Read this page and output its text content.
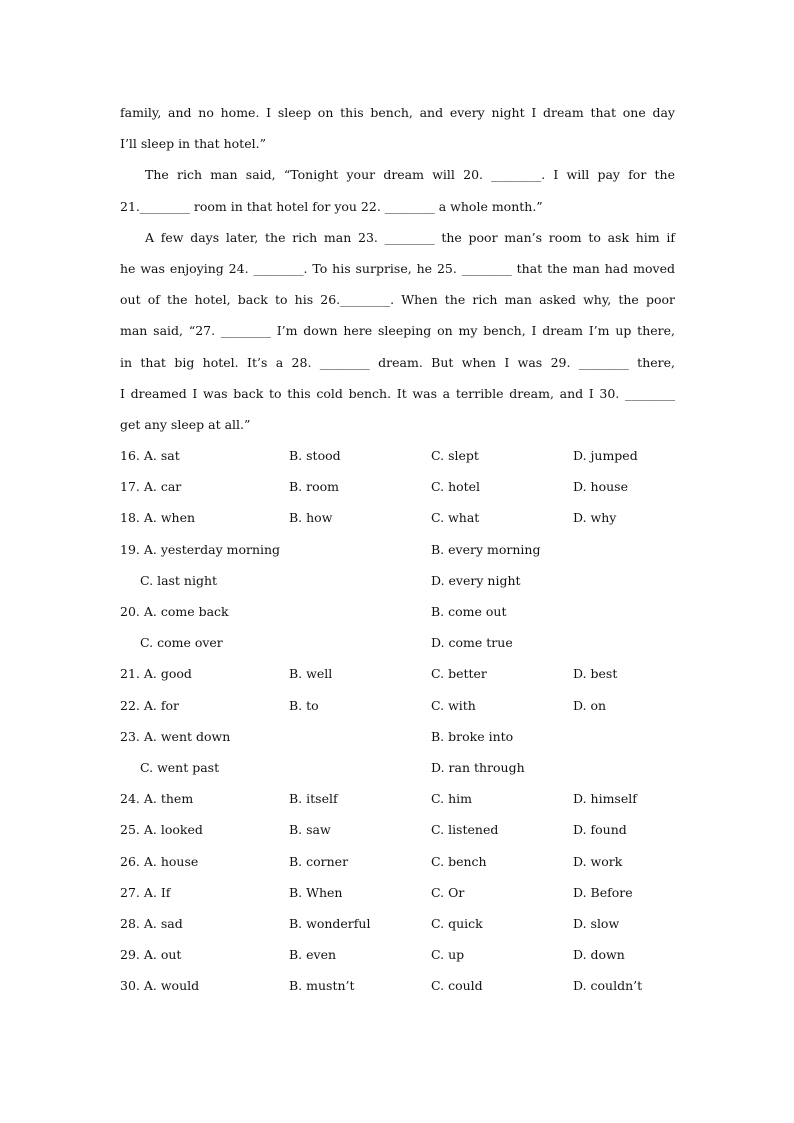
family, and no home. I sleep on this bench, and every night I dream that one day
I’ll sleep in that hotel.”
The rich man said, “Tonight your dream will 20. ________. I will pay for the
21.________ room in that hotel for you 22. ________ a whole month.”
A few days later, the rich man 23. ________ the poor man’s room to ask him if
he was enjoying 24. ________. To his surprise, he 25. ________ that the man had moved
out of the hotel, back to his 26.________. When the rich man asked why, the poor
man said, “27. ________ I’m down here sleeping on my bench, I dream I’m up there,
in that big hotel. It’s a 28. ________ dream. But when I was 29. ________ there,
I dreamed I was back to this cold bench. It was a terrible dream, and I 30. ________
get any sleep at all.”
16. A. sat	B. stood	C. slept	D. jumped
17. A. car	B. room	C. hotel	D. house
18. A. when	B. how	C. what	D. why
19. A. yesterday morning	B. every morning
C. last night	D. every night
20. A. come back	B. come out
C. come over	D. come true
21. A. good	B. well	C. better	D. best
22. A. for	B. to	C. with	D. on
23. A. went down	B. broke into
C. went past	D. ran through
24. A. them	B. itself	C. him	D. himself
25. A. looked	B. saw	C. listened	D. found
26. A. house	B. corner	C. bench	D. work
27. A. If	B. When	C. Or	D. Before
28. A. sad	B. wonderful	C. quick	D. slow
29. A. out	B. even	C. up	D. down
30. A. would	B. mustn’t	C. could	D. couldn’t
